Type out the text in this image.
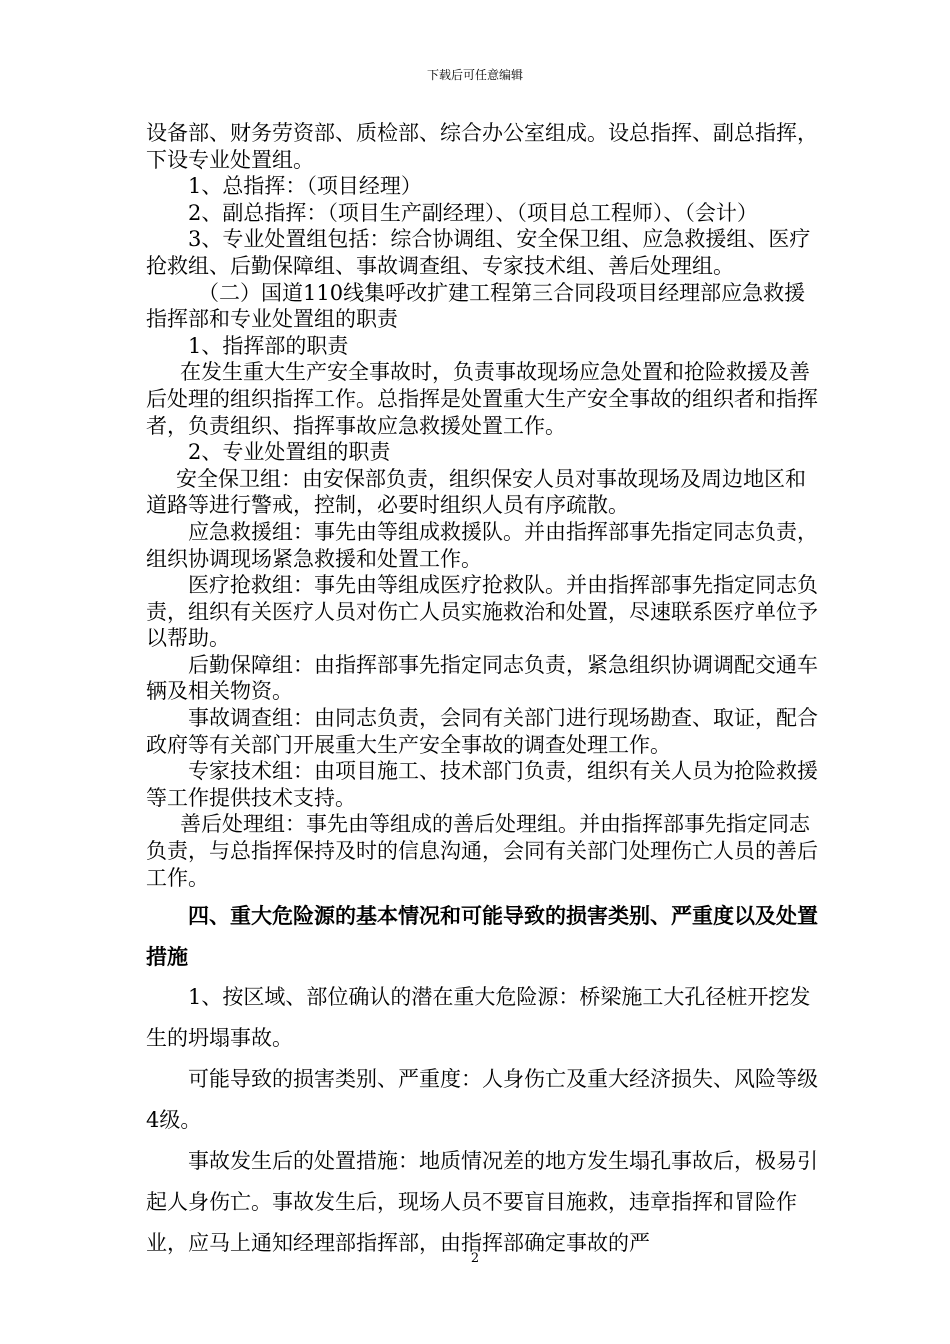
下载后可任意编辑

设备部、财务劳资部、质检部、综合办公室组成。设总指挥、副总指挥，下设专业处置组。

1、总指挥：（项目经理）

2、副总指挥：（项目生产副经理）、（项目总工程师）、（会计）

3、专业处置组包括：综合协调组、安全保卫组、应急救援组、医疗抢救组、后勤保障组、事故调查组、专家技术组、善后处理组。

（二）国道110线集呼改扩建工程第三合同段项目经理部应急救援指挥部和专业处置组的职责

1、指挥部的职责

在发生重大生产安全事故时，负责事故现场应急处置和抢险救援及善后处理的组织指挥工作。总指挥是处置重大生产安全事故的组织者和指挥者，负责组织、指挥事故应急救援处置工作。

2、专业处置组的职责

安全保卫组：由安保部负责，组织保安人员对事故现场及周边地区和道路等进行警戒，控制，必要时组织人员有序疏散。

应急救援组：事先由等组成救援队。并由指挥部事先指定同志负责，组织协调现场紧急救援和处置工作。

医疗抢救组：事先由等组成医疗抢救队。并由指挥部事先指定同志负责，组织有关医疗人员对伤亡人员实施救治和处置，尽速联系医疗单位予以帮助。

后勤保障组：由指挥部事先指定同志负责，紧急组织协调调配交通车辆及相关物资。

事故调查组：由同志负责，会同有关部门进行现场勘查、取证，配合政府等有关部门开展重大生产安全事故的调查处理工作。

专家技术组：由项目施工、技术部门负责，组织有关人员为抢险救援等工作提供技术支持。

善后处理组：事先由等组成的善后处理组。并由指挥部事先指定同志负责，与总指挥保持及时的信息沟通，会同有关部门处理伤亡人员的善后工作。

四、重大危险源的基本情况和可能导致的损害类别、严重度以及处置措施

1、按区域、部位确认的潜在重大危险源：桥梁施工大孔径桩开挖发生的坍塌事故。

可能导致的损害类别、严重度：人身伤亡及重大经济损失、风险等级4级。

事故发生后的处置措施：地质情况差的地方发生塌孔事故后，极易引起人身伤亡。事故发生后，现场人员不要盲目施救，违章指挥和冒险作业，应马上通知经理部指挥部，由指挥部确定事故的严

2
